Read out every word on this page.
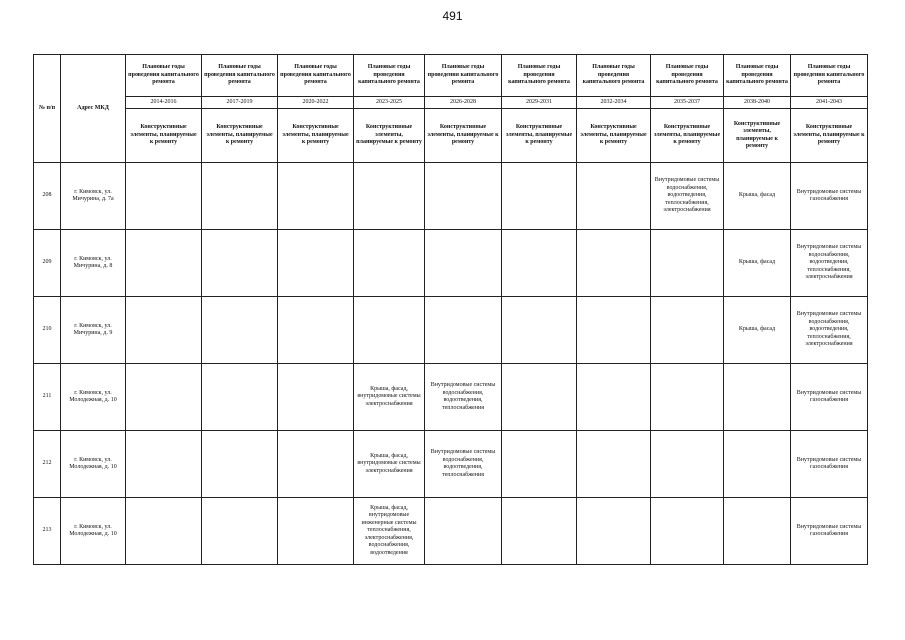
491
№ п/п	Адрес МКД	Плановые годы проведения капитального ремонта	Плановые годы проведения капитального ремонта	Плановые годы проведения капитального ремонта	Плановые годы проведения капитального ремонта	Плановые годы проведения капитального ремонта	Плановые годы проведения капитального ремонта	Плановые годы проведения капитального ремонта	Плановые годы проведения капитального ремонта	Плановые годы проведения капитального ремонта	Плановые годы проведения капитального ремонта
		2014-2016	2017-2019	2020-2022	2023-2025	2026-2028	2029-2031	2032-2034	2035-2037	2038-2040	2041-2043
		Конструктивные элементы, планируемые к ремонту	Конструктивные элементы, планируемые к ремонту	Конструктивные элементы, планируемые к ремонту	Конструктивные элементы, планируемые к ремонту	Конструктивные элементы, планируемые к ремонту	Конструктивные элементы, планируемые к ремонту	Конструктивные элементы, планируемые к ремонту	Конструктивные элементы, планируемые к ремонту	Конструктивные элементы, планируемые к ремонту	Конструктивные элементы, планируемые к ремонту
208	г. Кимовск, ул. Мичурина, д. 7а								Внутридомовые системы водоснабжения, водоотведения, теплоснабжения, электроснабжения	Крыша, фасад	Внутридомовые системы газоснабжения
209	г. Кимовск, ул. Мичурина, д. 8									Крыша, фасад	Внутридомовые системы водоснабжения, водоотведения, теплоснабжения, электроснабжения
210	г. Кимовск, ул. Мичурина, д. 9									Крыша, фасад	Внутридомовые системы водоснабжения, водоотведения, теплоснабжения, электроснабжения
211	г. Кимовск, ул. Молодежная, д. 10				Крыша, фасад, внутридомовые системы электроснабжения	Внутридомовые системы водоснабжения, водоотведения, теплоснабжения					Внутридомовые системы газоснабжения
212	г. Кимовск, ул. Молодежная, д. 10				Крыша, фасад, внутридомовые системы электроснабжения	Внутридомовые системы водоснабжения, водоотведения, теплоснабжения					Внутридомовые системы газоснабжения
213	г. Кимовск, ул. Молодежная, д. 10				Крыша, фасад, внутридомовые инженерные системы теплоснабжения, электроснабжения, водоснабжения, водоотведения						Внутридомовые системы газоснабжения
